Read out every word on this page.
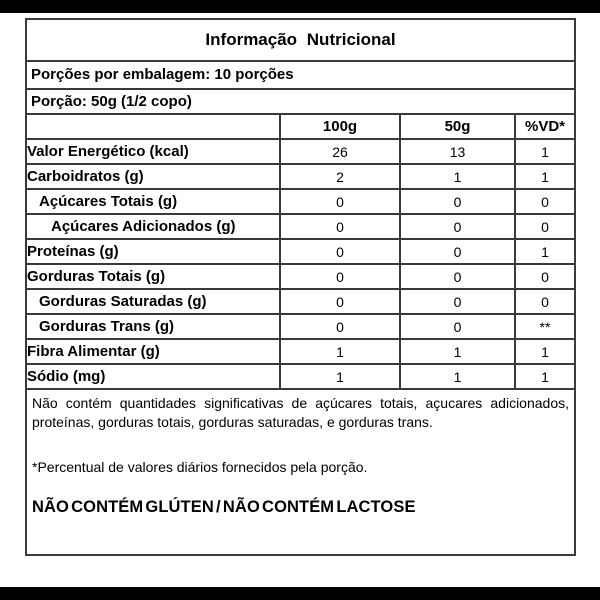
Informação Nutricional
Porções por embalagem: 10 porções
Porção: 50g (1/2 copo)
	100g	50g	%VD*
Valor Energético (kcal)	26	13	1
Carboidratos (g)	2	1	1
Açúcares Totais (g)	0	0	0
Açúcares Adicionados (g)	0	0	0
Proteínas (g)	0	0	1
Gorduras Totais (g)	0	0	0
Gorduras Saturadas (g)	0	0	0
Gorduras Trans (g)	0	0	**
Fibra Alimentar (g)	1	1	1
Sódio (mg)	1	1	1

Não contém quantidades significativas de açúcares totais, açucares adicionados, proteínas, gorduras totais, gorduras saturadas, e gorduras trans.

*Percentual de valores diários fornecidos pela porção.

NÃO CONTÉM GLÚTEN / NÃO CONTÉM LACTOSE
